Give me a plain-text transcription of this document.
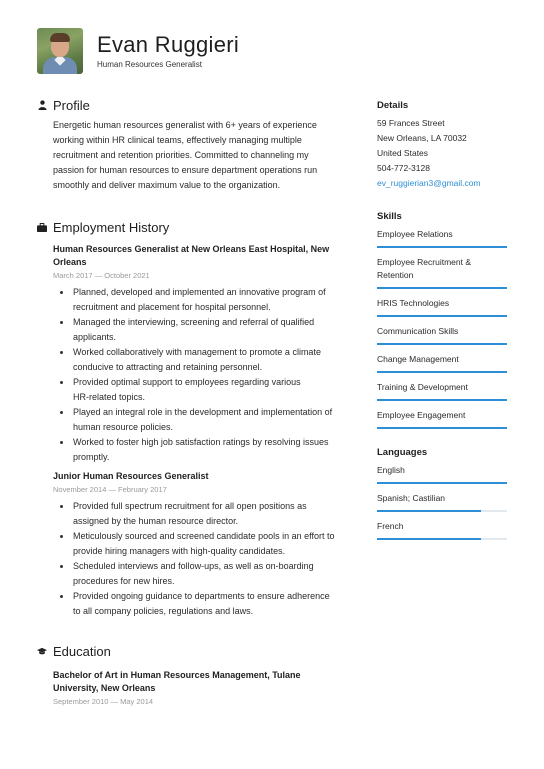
Evan Ruggieri
Human Resources Generalist
Profile
Energetic human resources generalist with 6+ years of experience
working within HR clinical teams, effectively managing multiple
recruitment and retention priorities. Committed to channeling my
passion for human resources to ensure department operations run
smoothly and deliver maximum value to the organization.
Employment History
Human Resources Generalist at New Orleans East Hospital, New
Orleans
March 2017 — October 2021
Planned, developed and implemented an innovative program of
recruitment and placement for hospital personnel.
Managed the interviewing, screening and referral of qualified
applicants.
Worked collaboratively with management to promote a climate
conducive to attracting and retaining personnel.
Provided optimal support to employees regarding various
HR-related topics.
Played an integral role in the development and implementation of
human resource policies.
Worked to foster high job satisfaction ratings by resolving issues
promptly.
Junior Human Resources Generalist
November 2014 — February 2017
Provided full spectrum recruitment for all open positions as
assigned by the human resource director.
Meticulously sourced and screened candidate pools in an effort to
provide hiring managers with high-quality candidates.
Scheduled interviews and follow-ups, as well as on-boarding
procedures for new hires.
Provided ongoing guidance to departments to ensure adherence
to all company policies, regulations and laws.
Education
Bachelor of Art in Human Resources Management, Tulane
University, New Orleans
September 2010 — May 2014
Details
59 Frances Street
New Orleans, LA 70032
United States
504-772-3128
ev_ruggierian3@gmail.com
Skills
Employee Relations
Employee Recruitment &
Retention
HRIS Technologies
Communication Skills
Change Management
Training & Development
Employee Engagement
Languages
English
Spanish; Castilian
French
